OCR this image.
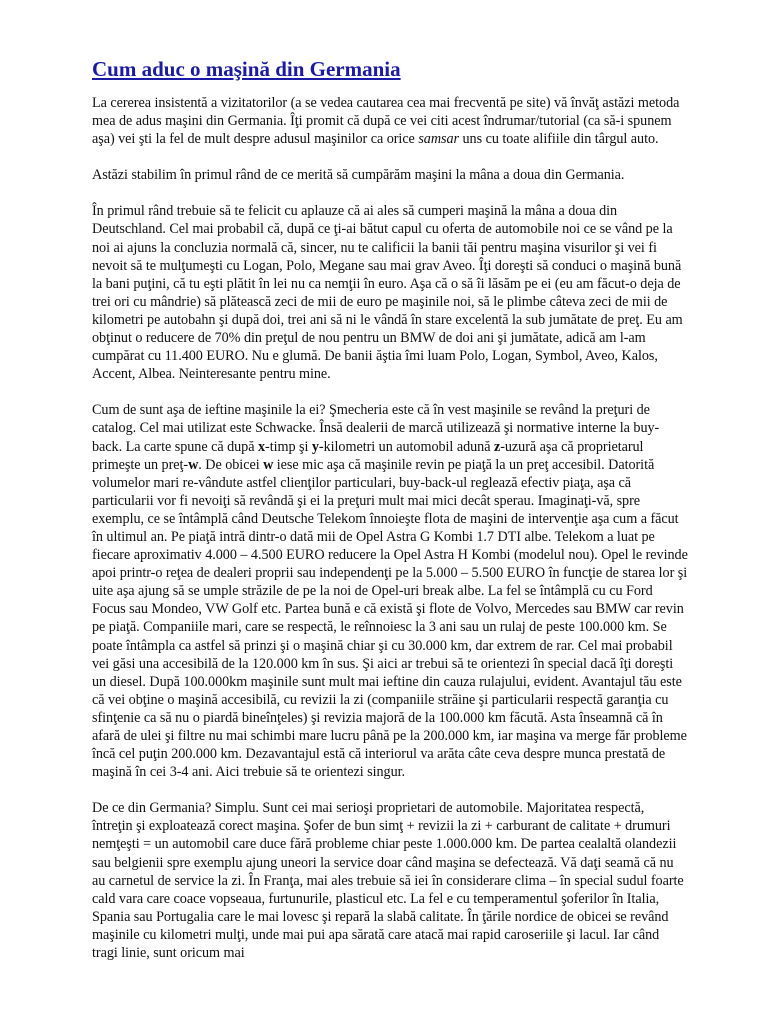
Cum aduc o maşină din Germania

La cererea insistentă a vizitatorilor (a se vedea cautarea cea mai frecventă pe site) vă învăţ astăzi metoda mea de adus maşini din Germania. Îţi promit că după ce vei citi acest îndrumar/tutorial (ca să-i spunem aşa) vei şti la fel de mult despre adusul maşinilor ca orice samsar uns cu toate alifiile din târgul auto.

Astăzi stabilim în primul rând de ce merită să cumpărăm maşini la mâna a doua din Germania.

În primul rând trebuie să te felicit cu aplauze că ai ales să cumperi maşină la mâna a doua din Deutschland. Cel mai probabil că, după ce ţi-ai bătut capul cu oferta de automobile noi ce se vând pe la noi ai ajuns la concluzia normală că, sincer, nu te calificii la banii tăi pentru maşina visurilor şi vei fi nevoit să te mulţumeşti cu Logan, Polo, Megane sau mai grav Aveo. Îţi doreşti să conduci o maşină bună la bani puţini, că tu eşti plătit în lei nu ca nemţii în euro. Aşa că o să îi lăsăm pe ei (eu am făcut-o deja de trei ori cu mândrie) să plătească zeci de mii de euro pe maşinile noi, să le plimbe câteva zeci de mii de kilometri pe autobahn şi după doi, trei ani să ni le vândă în stare excelentă la sub jumătate de preţ. Eu am obţinut o reducere de 70% din preţul de nou pentru un BMW de doi ani şi jumătate, adică am l-am cumpărat cu 11.400 EURO. Nu e glumă. De banii ăştia îmi luam Polo, Logan, Symbol, Aveo, Kalos, Accent, Albea. Neinteresante pentru mine.

Cum de sunt aşa de ieftine maşinile la ei? Şmecheria este că în vest maşinile se revând la preţuri de catalog. Cel mai utilizat este Schwacke. Însă dealerii de marcă utilizează şi normative interne la buy-back. La carte spune că după x-timp şi y-kilometri un automobil adună z-uzură aşa că proprietarul primeşte un preţ-w. De obicei w iese mic aşa că maşinile revin pe piaţă la un preţ accesibil. Datorită volumelor mari re-vândute astfel clienţilor particulari, buy-back-ul reglează efectiv piaţa, aşa că particularii vor fi nevoiţi să revândă şi ei la preţuri mult mai mici decât sperau. Imaginaţi-vă, spre exemplu, ce se întâmplă când Deutsche Telekom înnoieşte flota de maşini de intervenţie aşa cum a făcut în ultimul an. Pe piaţă intră dintr-o dată mii de Opel Astra G Kombi 1.7 DTI albe. Telekom a luat pe fiecare aproximativ 4.000 – 4.500 EURO reducere la Opel Astra H Kombi (modelul nou). Opel le revinde apoi printr-o reţea de dealeri proprii sau independenţi pe la 5.000 – 5.500 EURO în funcţie de starea lor şi uite aşa ajung să se umple străzile de pe la noi de Opel-uri break albe. La fel se întâmplă cu cu Ford Focus sau Mondeo, VW Golf etc. Partea bună e că există şi flote de Volvo, Mercedes sau BMW car revin pe piaţă. Companiile mari, care se respectă, le reînnoiesc la 3 ani sau un rulaj de peste 100.000 km. Se poate întâmpla ca astfel să prinzi şi o maşină chiar şi cu 30.000 km, dar extrem de rar. Cel mai probabil vei găsi una accesibilă de la 120.000 km în sus. Şi aici ar trebui să te orientezi în special dacă îţi doreşti un diesel. După 100.000km maşinile sunt mult mai ieftine din cauza rulajului, evident. Avantajul tău este că vei obţine o maşină accesibilă, cu revizii la zi (companiile străine şi particularii respectă garanţia cu sfinţenie ca să nu o piardă bineînţeles) şi revizia majoră de la 100.000 km făcută. Asta înseamnă că în afară de ulei şi filtre nu mai schimbi mare lucru până pe la 200.000 km, iar maşina va merge făr probleme încă cel puţin 200.000 km. Dezavantajul estă că interiorul va arăta câte ceva despre munca prestată de maşină în cei 3-4 ani. Aici trebuie să te orientezi singur.

De ce din Germania? Simplu. Sunt cei mai serioşi proprietari de automobile. Majoritatea respectă, întreţin şi exploatează corect maşina. Şofer de bun simţ + revizii la zi + carburant de calitate + drumuri nemţeşti = un automobil care duce fără probleme chiar peste 1.000.000 km. De partea cealaltă olandezii sau belgienii spre exemplu ajung uneori la service doar când maşina se defectează. Vă daţi seamă că nu au carnetul de service la zi. În Franţa, mai ales trebuie să iei în considerare clima – în special sudul foarte cald vara care coace vopseaua, furtunurile, plasticul etc. La fel e cu temperamentul şoferilor în Italia, Spania sau Portugalia care le mai lovesc şi repară la slabă calitate. În ţările nordice de obicei se revând maşinile cu kilometri mulţi, unde mai pui apa sărată care atacă mai rapid caroseriile şi lacul. Iar când tragi linie, sunt oricum mai
